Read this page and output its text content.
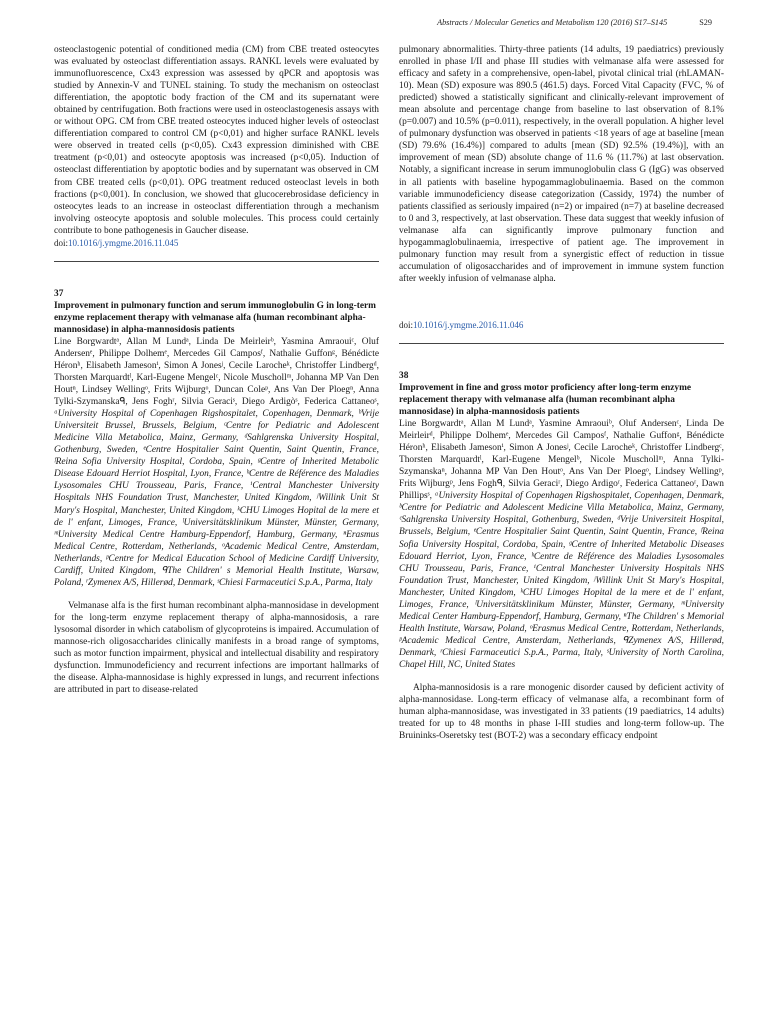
Abstracts / Molecular Genetics and Metabolism 120 (2016) S17–S145	S29

osteoclastogenic potential of conditioned media (CM) from CBE treated osteocytes was evaluated by osteoclast differentiation assays. RANKL levels were evaluated by immunofluorescence, Cx43 expression was assessed by qPCR and apoptosis was studied by Annexin-V and TUNEL staining. To study the mechanism on osteoclast differentiation, the apoptotic body fraction of the CM and its supernatant were obtained by centrifugation. Both fractions were used in osteoclastogenesis assays with or without OPG. CM from CBE treated osteocytes induced higher levels of osteoclast differentiation compared to control CM (p<0,01) and higher surface RANKL levels were observed in treated cells (p<0,05). Cx43 expression diminished with CBE treatment (p<0,01) and osteocyte apoptosis was increased (p<0,05). Induction of osteoclast differentiation by apoptotic bodies and by supernatant was observed in CM from CBE treated cells (p<0,01). OPG treatment reduced osteoclast levels in both fractions (p<0,001). In conclusion, we showed that glucocerebrosidase deficiency in osteocytes leads to an increase in osteoclast differentiation through a mechanism involving osteocyte apoptosis and soluble molecules. This process could certainly contribute to bone pathogenesis in Gaucher disease.

doi:10.1016/j.ymgme.2016.11.045

37

Improvement in pulmonary function and serum immunoglobulin G in long-term enzyme replacement therapy with velmanase alfa (human recombinant alpha-mannosidase) in alpha-mannosidosis patients

Line Borgwardtᵃ, Allan M Lundᵃ, Linda De Meirleirᵇ, Yasmina Amraouiᶜ, Oluf Andersenᵉ, Philippe Dolhemᵉ, Mercedes Gil Camposᶠ, Nathalie Guffonᵍ, Bénédicte Héronʰ, Elisabeth Jamesonⁱ, Simon A Jonesʲ, Cecile Larocheᵏ, Christoffer Lindbergᵈ, Thorsten Marquardtˡ, Karl-Eugene Mengelᶜ, Nicole Muschollᵐ, Johanna MP Van Den Houtⁿ, Lindsey Wellingᵒ, Frits Wijburgᵒ, Duncan Coleᵖ, Ans Van Der Ploegⁿ, Anna Tylki-Szymanskaᑫ, Jens Foghʳ, Silvia Geraciˢ, Diego Ardigòˢ, Federica Cattaneoˢ, ᵃUniversity Hospital of Copenhagen Rigshospitalet, Copenhagen, Denmark, ᵇVrije Universiteit Brussel, Brussels, Belgium, ᶜCentre for Pediatric and Adolescent Medicine Villa Metabolica, Mainz, Germany, ᵈSahlgrenska University Hospital, Gothenburg, Sweden, ᵉCentre Hospitalier Saint Quentin, Saint Quentin, France, ᶠReina Sofia University Hospital, Cordoba, Spain, ᵍCentre of Inherited Metabolic Disease Edouard Herriot Hospital, Lyon, France, ʰCentre de Référence des Maladies Lysosomales CHU Trousseau, Paris, France, ⁱCentral Manchester University Hospitals NHS Foundation Trust, Manchester, United Kingdom, ʲWillink Unit St Mary's Hospital, Manchester, United Kingdom, ᵏCHU Limoges Hopital de la mere et de l' enfant, Limoges, France, ˡUniversitätsklinikum Münster, Münster, Germany, ᵐUniversity Medical Centre Hamburg-Eppendorf, Hamburg, Germany, ⁿErasmus Medical Centre, Rotterdam, Netherlands, ᵒAcademic Medical Centre, Amsterdam, Netherlands, ᵖCentre for Medical Education School of Medicine Cardiff University, Cardiff, United Kingdom, ᑫThe Children' s Memorial Health Institute, Warsaw, Poland, ʳZymenex A/S, Hillerød, Denmark, ˢChiesi Farmaceutici S.p.A., Parma, Italy

Velmanase alfa is the first human recombinant alpha-mannosidase in development for the long-term enzyme replacement therapy of alpha-mannosidosis, a rare lysosomal disorder in which catabolism of glycoproteins is impaired. Accumulation of mannose-rich oligosaccharides clinically manifests in a broad range of symptoms, such as motor function impairment, physical and intellectual disability and respiratory dysfunction. Immunodeficiency and recurrent infections are important hallmarks of the disease. Alpha-mannosidase is highly expressed in lungs, and recurrent infections are attributed in part to disease-related

pulmonary abnormalities. Thirty-three patients (14 adults, 19 paediatrics) previously enrolled in phase I/II and phase III studies with velmanase alfa were assessed for efficacy and safety in a comprehensive, open-label, pivotal clinical trial (rhLAMAN-10). Mean (SD) exposure was 890.5 (461.5) days. Forced Vital Capacity (FVC, % of predicted) showed a statistically significant and clinically-relevant improvement of mean absolute and percentage change from baseline to last observation of 8.1% (p=0.007) and 10.5% (p=0.011), respectively, in the overall population. A higher level of pulmonary dysfunction was observed in patients <18 years of age at baseline [mean (SD) 79.6% (16.4%)] compared to adults [mean (SD) 92.5% (19.4%)], with an improvement of mean (SD) absolute change of 11.6 % (11.7%) at last observation. Notably, a significant increase in serum immunoglobulin class G (IgG) was observed in all patients with baseline hypogammaglobulinaemia. Based on the common variable immunodeficiency disease categorization (Cassidy, 1974) the number of patients classified as seriously impaired (n=2) or impaired (n=7) at baseline decreased to 0 and 3, respectively, at last observation. These data suggest that weekly infusion of velmanase alfa can significantly improve pulmonary function and hypogammaglobulinaemia, irrespective of patient age. The improvement in pulmonary function may result from a synergistic effect of reduction in tissue accumulation of oligosaccharides and of improvement in immune system function after weekly infusion of velmanase alpha.

doi:10.1016/j.ymgme.2016.11.046

38

Improvement in fine and gross motor proficiency after long-term enzyme replacement therapy with velmanase alfa (human recombinant alpha mannosidase) in alpha-mannosidosis patients

Line Borgwardtᵃ, Allan M Lundᵃ, Yasmine Amraouiᵇ, Oluf Andersenᶜ, Linda De Meirleirᵈ, Philippe Dolhemᵉ, Mercedes Gil Camposᶠ, Nathalie Guffonᵍ, Bénédicte Héronʰ, Elisabeth Jamesonⁱ, Simon A Jonesʲ, Cecile Larocheᵏ, Christoffer Lindbergᶜ, Thorsten Marquardtˡ, Karl-Eugene Mengelᵇ, Nicole Muschollᵐ, Anna Tylki-Szymanskaⁿ, Johanna MP Van Den Houtᵒ, Ans Van Der Ploegᵒ, Lindsey Wellingᵖ, Frits Wijburgᵖ, Jens Foghᑫ, Silvia Geraciʳ, Diego Ardigoʳ, Federica Cattaneoʳ, Dawn Phillipsˢ, ᵃUniversity Hospital of Copenhagen Rigshospitalet, Copenhagen, Denmark, ᵇCentre for Pediatric and Adolescent Medicine Villa Metabolica, Mainz, Germany, ᶜSahlgrenska University Hospital, Gothenburg, Sweden, ᵈVrije Universiteit Hospital, Brussels, Belgium, ᵉCentre Hospitalier Saint Quentin, Saint Quentin, France, ᶠReina Sofia University Hospital, Cordoba, Spain, ᵍCentre of Inherited Metabolic Diseases Edouard Herriot, Lyon, France, ʰCentre de Référence des Maladies Lysosomales CHU Trousseau, Paris, France, ⁱCentral Manchester University Hospitals NHS Foundation Trust, Manchester, United Kingdom, ʲWillink Unit St Mary's Hospital, Manchester, United Kingdom, ᵏCHU Limoges Hopital de la mere et de l' enfant, Limoges, France, ˡUniversitätsklinikum Münster, Münster, Germany, ᵐUniversity Medical Center Hamburg-Eppendorf, Hamburg, Germany, ⁿThe Children' s Memorial Health Institute, Warsaw, Poland, ᵒErasmus Medical Centre, Rotterdam, Netherlands, ᵖAcademic Medical Centre, Amsterdam, Netherlands, ᑫZymenex A/S, Hillerød, Denmark, ʳChiesi Farmaceutici S.p.A., Parma, Italy, ˢUniversity of North Carolina, Chapel Hill, NC, United States

Alpha-mannosidosis is a rare monogenic disorder caused by deficient activity of alpha-mannosidase. Long-term efficacy of velmanase alfa, a recombinant form of human alpha-mannosidase, was investigated in 33 patients (19 paediatrics, 14 adults) treated for up to 48 months in phase I-III studies and long-term follow-up. The Bruininks-Oseretsky test (BOT-2) was a secondary efficacy endpoint
